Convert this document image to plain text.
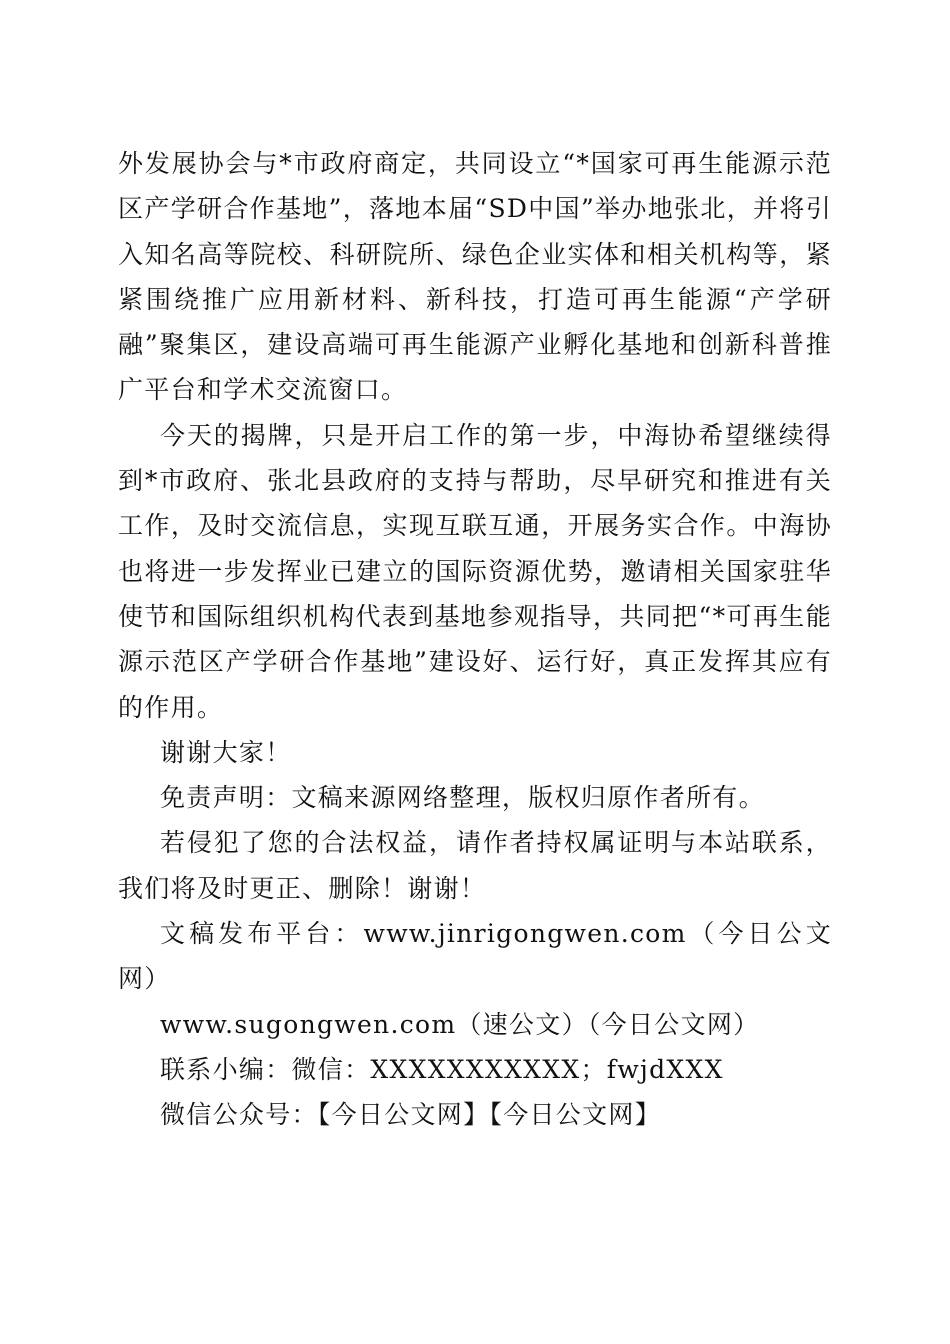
外发展协会与*市政府商定，共同设立“*国家可再生能源示范区产学研合作基地”，落地本届“SD中国”举办地张北，并将引入知名高等院校、科研院所、绿色企业实体和相关机构等，紧紧围绕推广应用新材料、新科技，打造可再生能源“产学研融”聚集区，建设高端可再生能源产业孵化基地和创新科普推广平台和学术交流窗口。

今天的揭牌，只是开启工作的第一步，中海协希望继续得到*市政府、张北县政府的支持与帮助，尽早研究和推进有关工作，及时交流信息，实现互联互通，开展务实合作。中海协也将进一步发挥业已建立的国际资源优势，邀请相关国家驻华使节和国际组织机构代表到基地参观指导，共同把“*可再生能源示范区产学研合作基地”建设好、运行好，真正发挥其应有的作用。

谢谢大家！

免责声明：文稿来源网络整理，版权归原作者所有。

若侵犯了您的合法权益，请作者持权属证明与本站联系，我们将及时更正、删除！谢谢！

文稿发布平台：www.jinrigongwen.com（今日公文网）

www.sugongwen.com（速公文）（今日公文网）

联系小编：微信：XXXXXXXXXXX；fwjdXXX

微信公众号：【今日公文网】【今日公文网】
